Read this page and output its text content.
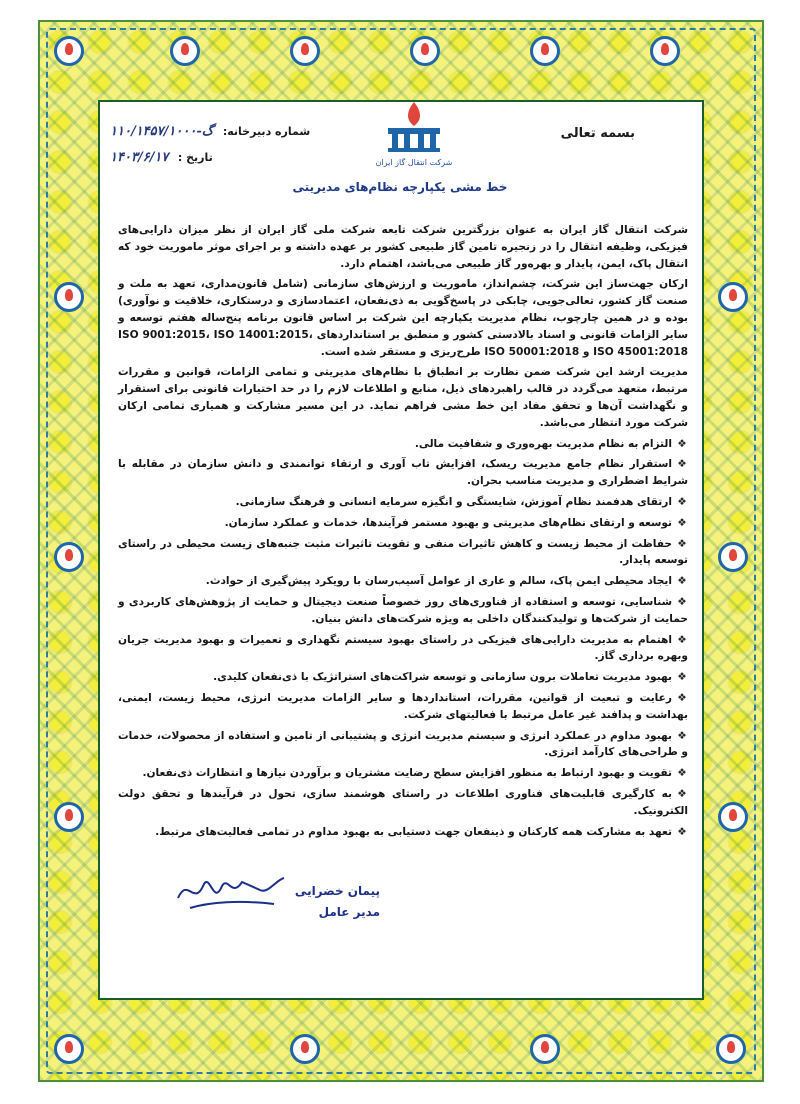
شرکت انتقال گاز ایران
بسمه تعالی
شماره دبیرخانه: گ-۱۱۰/۱۴۵۷/۱۰۰۰
تاریخ : ۱۴۰۳/۶/۱۷
خط مشی یکپارچه نظام‌های مدیریتی

شرکت انتقال گاز ایران به عنوان بزرگترین شرکت تابعه شرکت ملی گاز ایران از نظر میزان دارایی‌های فیزیکی، وظیفه انتقال را در زنجیره تامین گاز طبیعی کشور بر عهده داشته و بر اجرای موثر ماموریت خود که انتقال پاک، ایمن، پایدار و بهره‌ور گاز طبیعی می‌باشد، اهتمام دارد.

ارکان جهت‌ساز این شرکت، چشم‌انداز، ماموریت و ارزش‌های سازمانی (شامل قانون‌مداری، تعهد به ملت و صنعت گاز کشور، تعالی‌جویی، چابکی در پاسخ‌گویی به ذی‌نفعان، اعتمادسازی و درستکاری، خلاقیت و نوآوری) بوده و در همین چارچوب، نظام مدیریت یکپارچه این شرکت بر اساس قانون برنامه پنج‌ساله هفتم توسعه و سایر الزامات قانونی و اسناد بالادستی کشور و منطبق بر استانداردهای ISO 9001:2015، ISO 14001:2015، ISO 45001:2018 و ISO 50001:2018 طرح‌ریزی و مستقر شده است.

مدیریت ارشد این شرکت ضمن نظارت بر انطباق با نظام‌های مدیریتی و تمامی الزامات، قوانین و مقررات مرتبط، متعهد می‌گردد در قالب راهبردهای ذیل، منابع و اطلاعات لازم را در حد اختیارات قانونی برای استقرار و نگهداشت آن‌ها و تحقق مفاد این خط مشی فراهم نماید. در این مسیر مشارکت و همیاری تمامی ارکان شرکت مورد انتظار می‌باشد.

❖التزام به نظام مدیریت بهره‌وری و شفافیت مالی.
❖استقرار نظام جامع مدیریت ریسک، افزایش تاب آوری و ارتقاء توانمندی و دانش سازمان در مقابله با شرایط اضطراری و مدیریت مناسب بحران.
❖ارتقای هدفمند نظام آموزش، شایستگی و انگیزه سرمایه انسانی و فرهنگ سازمانی.
❖توسعه و ارتقای نظام‌های مدیریتی و بهبود مستمر فرآیندها، خدمات و عملکرد سازمان.
❖حفاظت از محیط زیست و کاهش تاثیرات منفی و تقویت تاثیرات مثبت جنبه‌های زیست محیطی در راستای توسعه پایدار.
❖ایجاد محیطی ایمن پاک، سالم و عاری از عوامل آسیب‌رسان با رویکرد پیش‌گیری از حوادث.
❖شناسایی، توسعه و استفاده از فناوری‌های روز خصوصاً صنعت دیجیتال و حمایت از پژوهش‌های کاربردی و حمایت از شرکت‌ها و تولیدکنندگان داخلی به ویژه شرکت‌های دانش بنیان.
❖اهتمام به مدیریت دارایی‌های فیزیکی در راستای بهبود سیستم نگهداری و تعمیرات و بهبود مدیریت جریان وبهره برداری گاز.
❖بهبود مدیریت تعاملات برون سازمانی و توسعه شراکت‌های استراتژیک با ذی‌نفعان کلیدی.
❖رعایت و تبعیت از قوانین، مقررات، استانداردها و سایر الزامات مدیریت انرژی، محیط زیست، ایمنی، بهداشت و پدافند غیر عامل مرتبط با فعالیتهای شرکت.
❖بهبود مداوم در عملکرد انرژی و سیستم مدیریت انرژی و پشتیبانی از تامین و استفاده از محصولات، خدمات و طراحی‌های کارآمد انرژی.
❖تقویت و بهبود ارتباط به منظور افزایش سطح رضایت مشتریان و برآوردن نیازها و انتظارات ذی‌نفعان.
❖به کارگیری قابلیت‌های فناوری اطلاعات در راستای هوشمند سازی، تحول در فرآیندها و تحقق دولت الکترونیک.
❖تعهد به مشارکت همه کارکنان و ذینفعان جهت دستیابی به بهبود مداوم در تمامی فعالیت‌های مرتبط.
پیمان خضرایی
مدیر عامل
